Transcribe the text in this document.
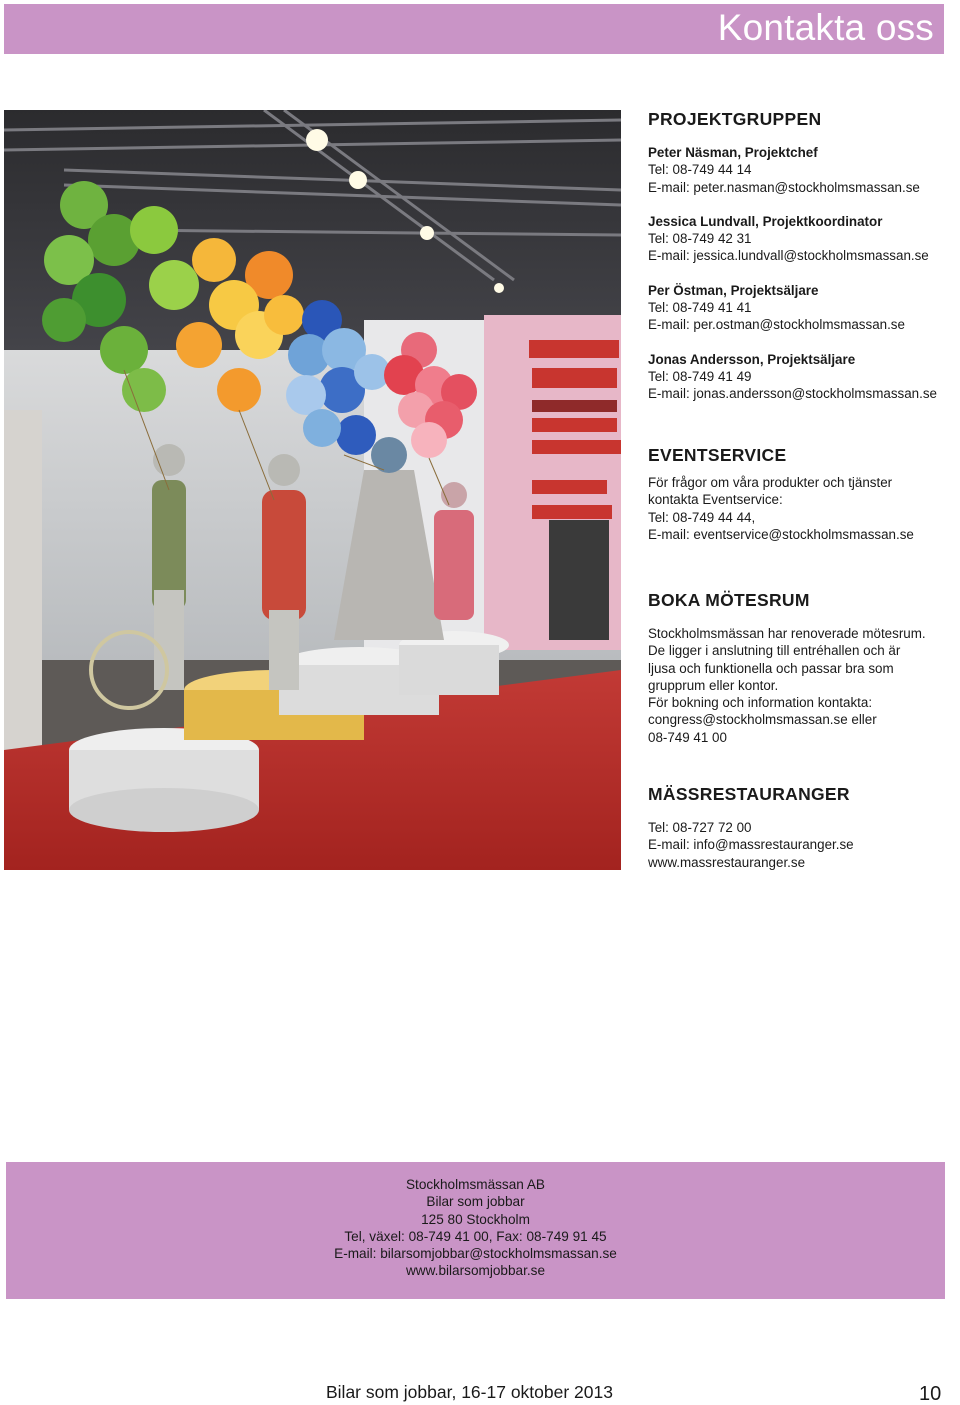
Kontakta oss
PROJEKTGRUPPEN
Peter Näsman, Projektchef
Tel: 08-749 44 14
E-mail: peter.nasman@stockholmsmassan.se
Jessica Lundvall, Projektkoordinator
Tel: 08-749 42 31
E-mail: jessica.lundvall@stockholmsmassan.se
Per Östman, Projektsäljare
Tel: 08-749 41 41
E-mail: per.ostman@stockholmsmassan.se
Jonas Andersson, Projektsäljare
Tel: 08-749 41 49
E-mail: jonas.andersson@stockholmsmassan.se
EVENTSERVICE
För frågor om våra produkter och tjänster
kontakta Eventservice:
Tel: 08-749 44 44,
E-mail: eventservice@stockholmsmassan.se
BOKA MÖTESRUM
Stockholmsmässan har renoverade mötesrum.
De ligger i anslutning till entréhallen och är
ljusa och funktionella och passar bra som
grupprum eller kontor.
För bokning och information kontakta:
congress@stockholmsmassan.se eller
08-749 41 00
MÄSSRESTAURANGER
Tel: 08-727 72 00
E-mail: info@massrestauranger.se
www.massrestauranger.se
Stockholmsmässan AB
Bilar som jobbar
125 80 Stockholm
Tel, växel: 08-749 41 00, Fax: 08-749 91 45
E-mail: bilarsomjobbar@stockholmsmassan.se
www.bilarsomjobbar.se
Bilar som jobbar, 16-17 oktober 2013	10
